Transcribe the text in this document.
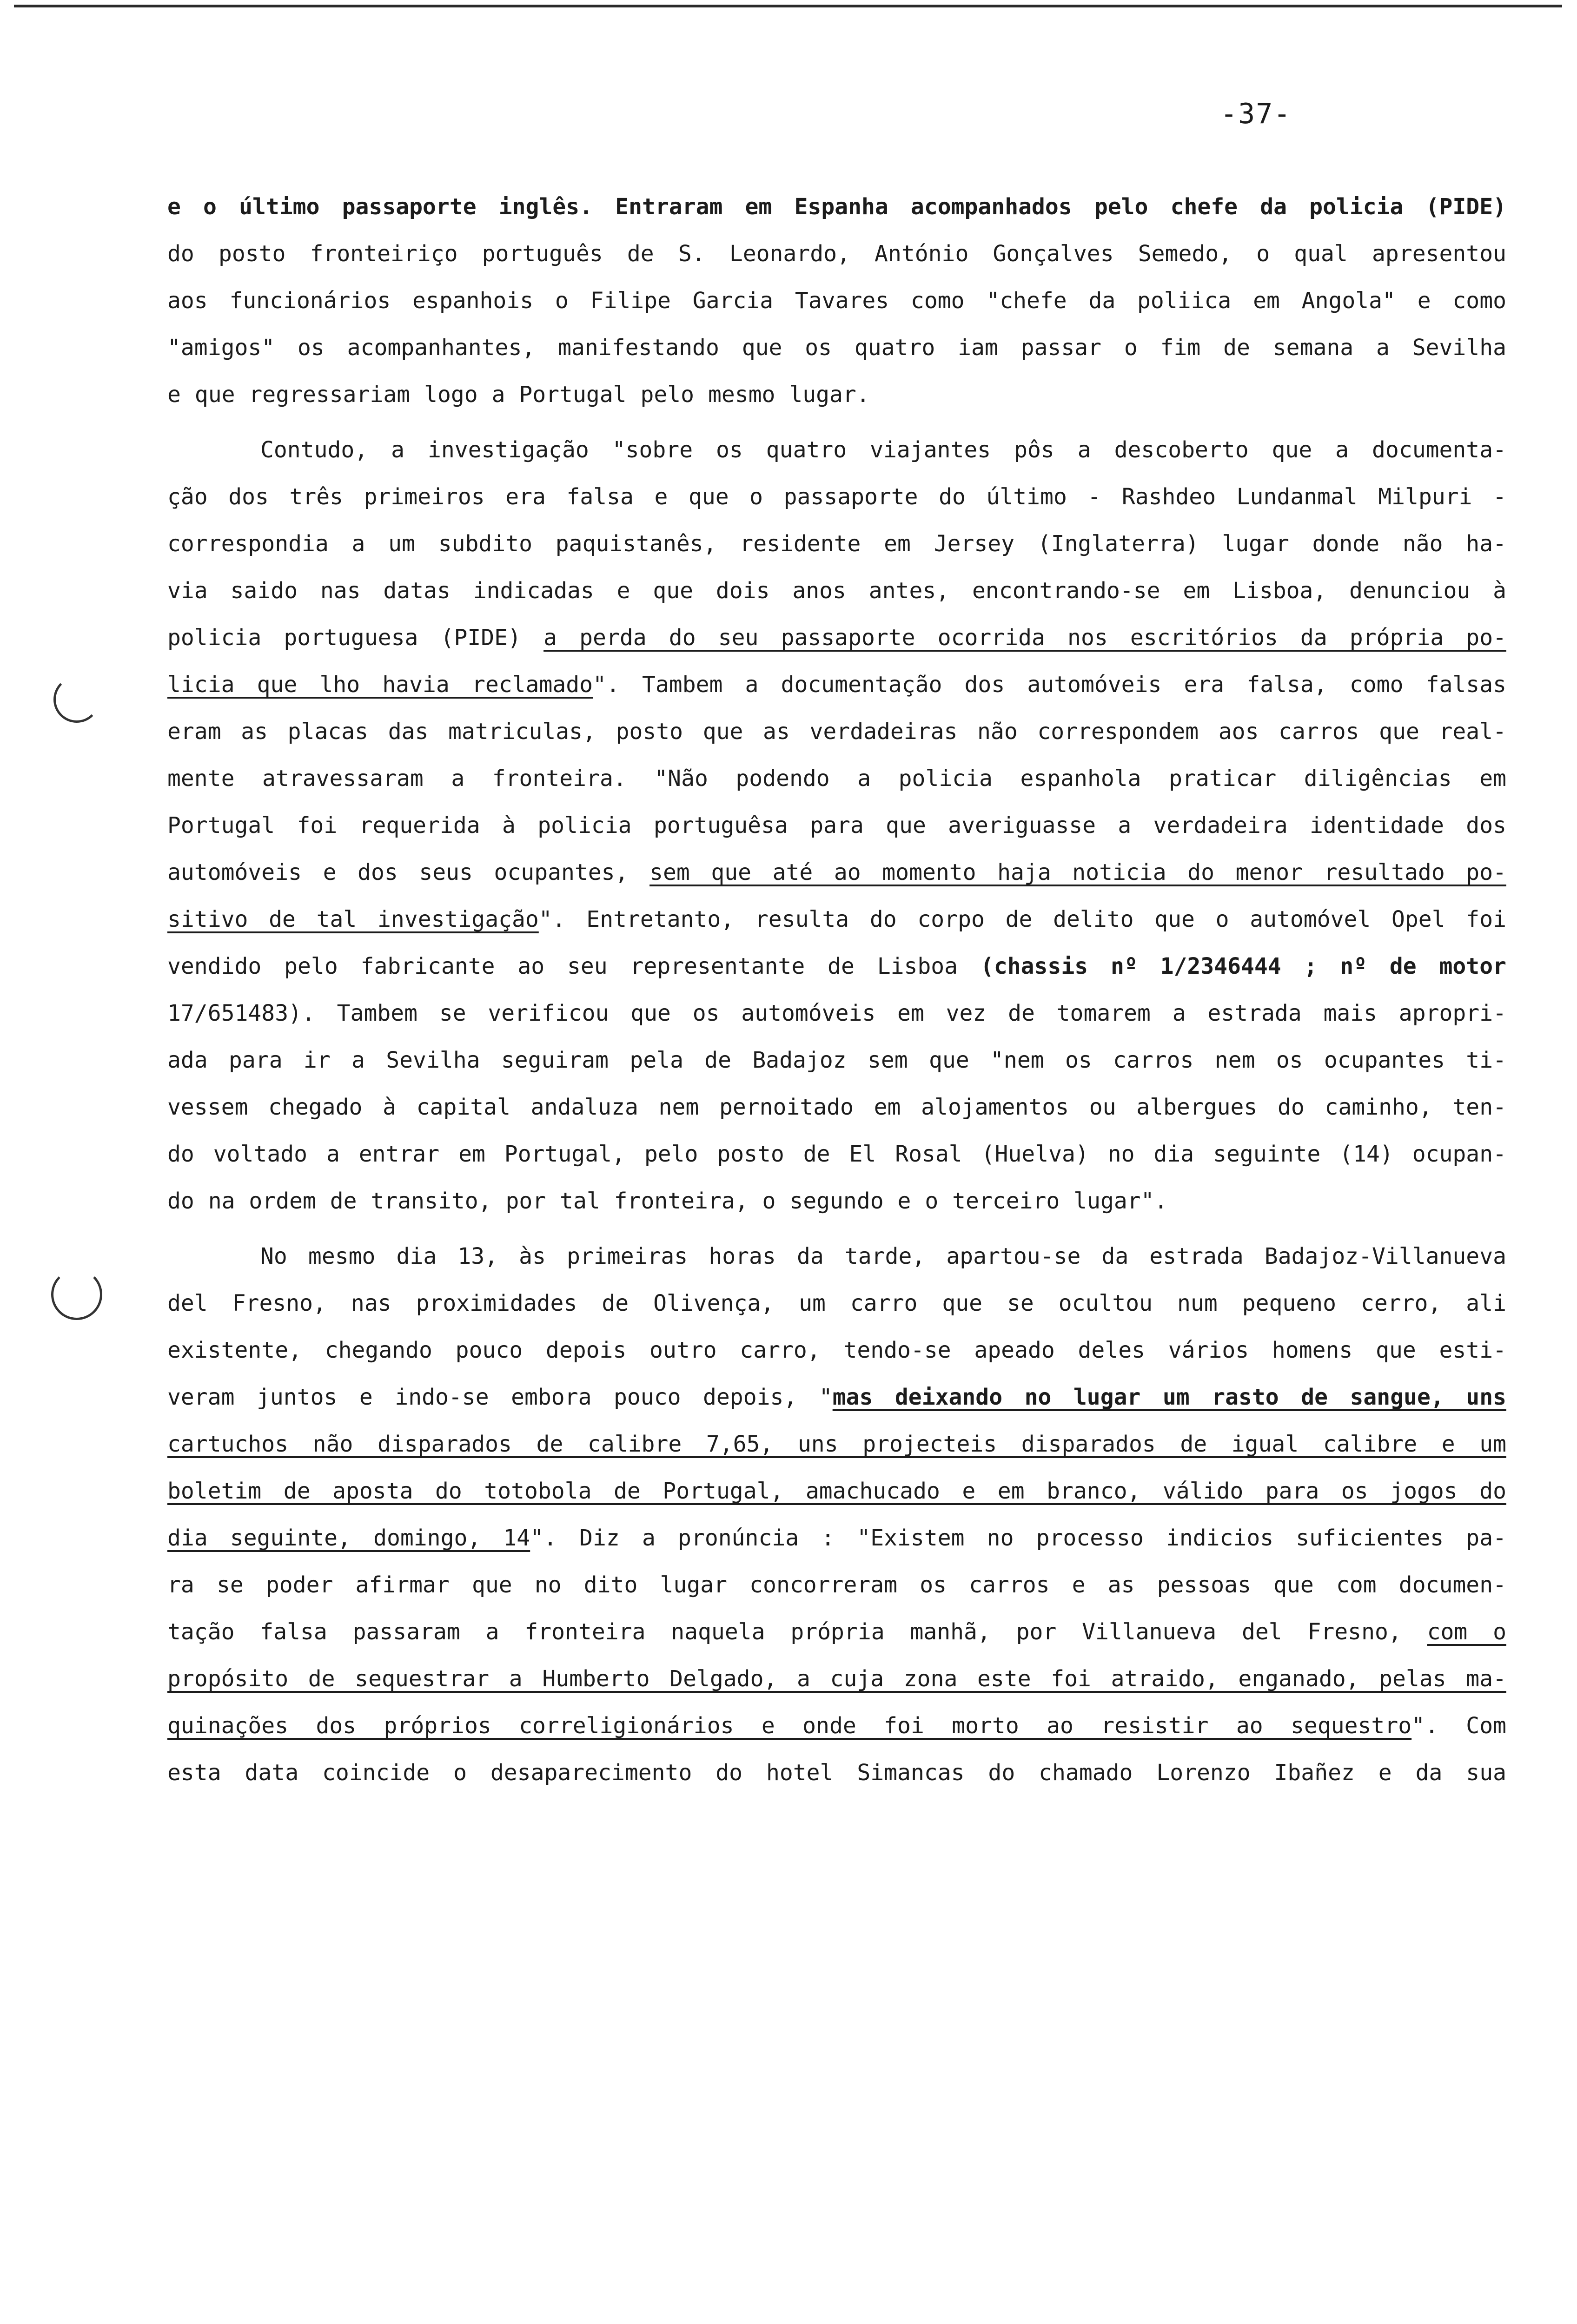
-37-
e o último passaporte inglês. Entraram em Espanha acompanhados pelo chefe da policia (PIDE)
do posto fronteiriço português de S. Leonardo, António Gonçalves Semedo, o qual apresentou
aos funcionários espanhois o Filipe Garcia Tavares como "chefe da poliica em Angola" e como
"amigos" os acompanhantes, manifestando que os quatro iam passar o fim de semana a Sevilha
e que regressariam logo a Portugal pelo mesmo lugar.
Contudo, a investigação "sobre os quatro viajantes pôs a descoberto que a documenta-
ção dos três primeiros era falsa e que o passaporte do último - Rashdeo Lundanmal Milpuri -
correspondia a um subdito paquistanês, residente em Jersey (Inglaterra) lugar donde não ha-
via saido nas datas indicadas e que dois anos antes, encontrando-se em Lisboa, denunciou à
policia portuguesa (PIDE) a perda do seu passaporte ocorrida nos escritórios da própria po-
licia que lho havia reclamado". Tambem a documentação dos automóveis era falsa, como falsas
eram as placas das matriculas, posto que as verdadeiras não correspondem aos carros que real-
mente atravessaram a fronteira. "Não podendo a policia espanhola praticar diligências em
Portugal foi requerida à policia portuguêsa para que averiguasse a verdadeira identidade dos
automóveis e dos seus ocupantes, sem que até ao momento haja noticia do menor resultado po-
sitivo de tal investigação". Entretanto, resulta do corpo de delito que o automóvel Opel foi
vendido pelo fabricante ao seu representante de Lisboa (chassis nº 1/2346444 ; nº de motor
17/651483). Tambem se verificou que os automóveis em vez de tomarem a estrada mais apropri-
ada para ir a Sevilha seguiram pela de Badajoz sem que "nem os carros nem os ocupantes ti-
vessem chegado à capital andaluza nem pernoitado em alojamentos ou albergues do caminho, ten-
do voltado a entrar em Portugal, pelo posto de El Rosal (Huelva) no dia seguinte (14) ocupan-
do na ordem de transito, por tal fronteira, o segundo e o terceiro lugar".
No mesmo dia 13, às primeiras horas da tarde, apartou-se da estrada Badajoz-Villanueva
del Fresno, nas proximidades de Olivença, um carro que se ocultou num pequeno cerro, ali
existente, chegando pouco depois outro carro, tendo-se apeado deles vários homens que esti-
veram juntos e indo-se embora pouco depois, "mas deixando no lugar um rasto de sangue, uns
cartuchos não disparados de calibre 7,65, uns projecteis disparados de igual calibre e um
boletim de aposta do totobola de Portugal, amachucado e em branco, válido para os jogos do
dia seguinte, domingo, 14". Diz a pronúncia : "Existem no processo indicios suficientes pa-
ra se poder afirmar que no dito lugar concorreram os carros e as pessoas que com documen-
tação falsa passaram a fronteira naquela própria manhã, por Villanueva del Fresno, com o
propósito de sequestrar a Humberto Delgado, a cuja zona este foi atraido, enganado, pelas ma-
quinações dos próprios correligionários e onde foi morto ao resistir ao sequestro". Com
esta data coincide o desaparecimento do hotel Simancas do chamado Lorenzo Ibañez e da sua
